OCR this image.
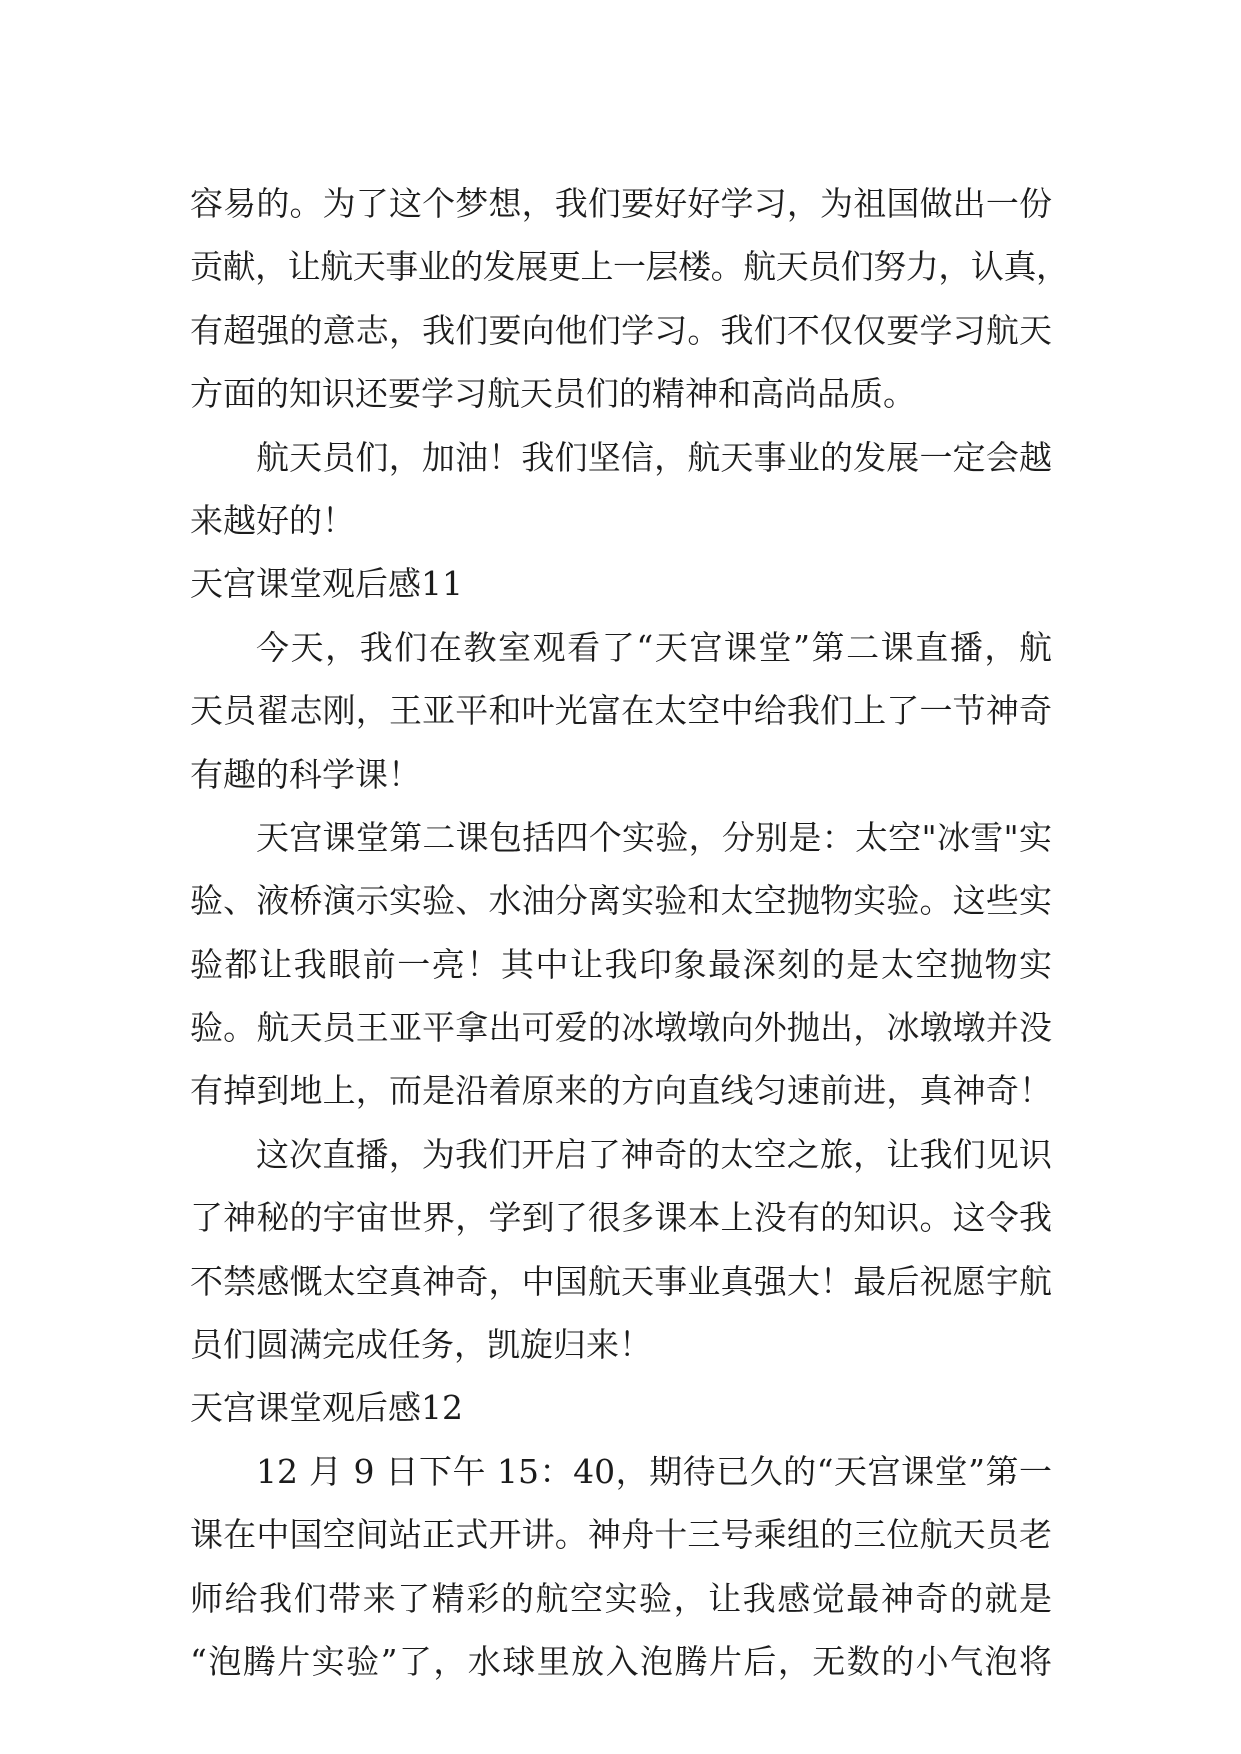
容易的。为了这个梦想，我们要好好学习，为祖国做出一份
贡献，让航天事业的发展更上一层楼。航天员们努力，认真，
有超强的意志，我们要向他们学习。我们不仅仅要学习航天
方面的知识还要学习航天员们的精神和高尚品质。
航天员们，加油！我们坚信，航天事业的发展一定会越
来越好的！
天宫课堂观后感11
今天，我们在教室观看了“天宫课堂”第二课直播，航
天员翟志刚，王亚平和叶光富在太空中给我们上了一节神奇
有趣的科学课！
天宫课堂第二课包括四个实验，分别是：太空"冰雪"实
验、液桥演示实验、水油分离实验和太空抛物实验。这些实
验都让我眼前一亮！其中让我印象最深刻的是太空抛物实
验。航天员王亚平拿出可爱的冰墩墩向外抛出，冰墩墩并没
有掉到地上，而是沿着原来的方向直线匀速前进，真神奇！
这次直播，为我们开启了神奇的太空之旅，让我们见识
了神秘的宇宙世界，学到了很多课本上没有的知识。这令我
不禁感慨太空真神奇，中国航天事业真强大！最后祝愿宇航
员们圆满完成任务，凯旋归来！
天宫课堂观后感12
12 月 9 日下午 15：40，期待已久的“天宫课堂”第一
课在中国空间站正式开讲。神舟十三号乘组的三位航天员老
师给我们带来了精彩的航空实验，让我感觉最神奇的就是
“泡腾片实验”了，水球里放入泡腾片后，无数的小气泡将
